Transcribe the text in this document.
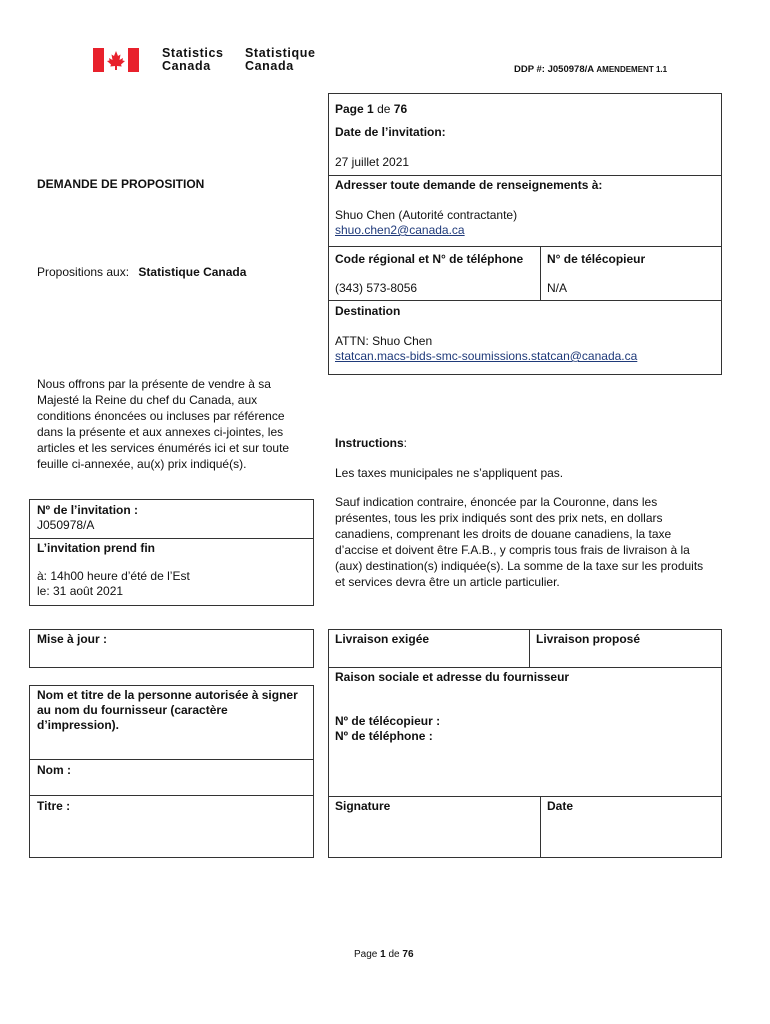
Statistics
Canada
Statistique
Canada	DDP #: J050978/A AMENDEMENT 1.1
Page 1 de 76
Date de l’invitation:
27 juillet 2021
Adresser toute demande de renseignements à:
Shuo Chen (Autorité contractante)
shuo.chen2@canada.ca
Code régional et N° de téléphone
(343) 573-8056
N° de télécopieur
N/A
Destination
ATTN: Shuo Chen
statcan.macs-bids-smc-soumissions.statcan@canada.ca
DEMANDE DE PROPOSITION
Propositions aux: Statistique Canada
Nous offrons par la présente de vendre à sa Majesté la Reine du chef du Canada, aux conditions énoncées ou incluses par référence dans la présente et aux annexes ci-jointes, les articles et les services énumérés ici et sur toute feuille ci-annexée, au(x) prix indiqué(s).
Nº de l’invitation :
J050978/A
L’invitation prend fin
à: 14h00 heure d’été de l’Est
le: 31 août 2021
Instructions:
Les taxes municipales ne s’appliquent pas.
Sauf indication contraire, énoncée par la Couronne, dans les présentes, tous les prix indiqués sont des prix nets, en dollars canadiens, comprenant les droits de douane canadiens, la taxe d’accise et doivent être F.A.B., y compris tous frais de livraison à la (aux) destination(s) indiquée(s). La somme de la taxe sur les produits et services devra être un article particulier.
Mise à jour :	Livraison exigée	Livraison proposé
Raison sociale et adresse du fournisseur
Nº de télécopieur :
Nº de téléphone :
Nom et titre de la personne autorisée à signer au nom du fournisseur (caractère d’impression).
Nom :
Titre :	Signature	Date
Page 1 de 76
